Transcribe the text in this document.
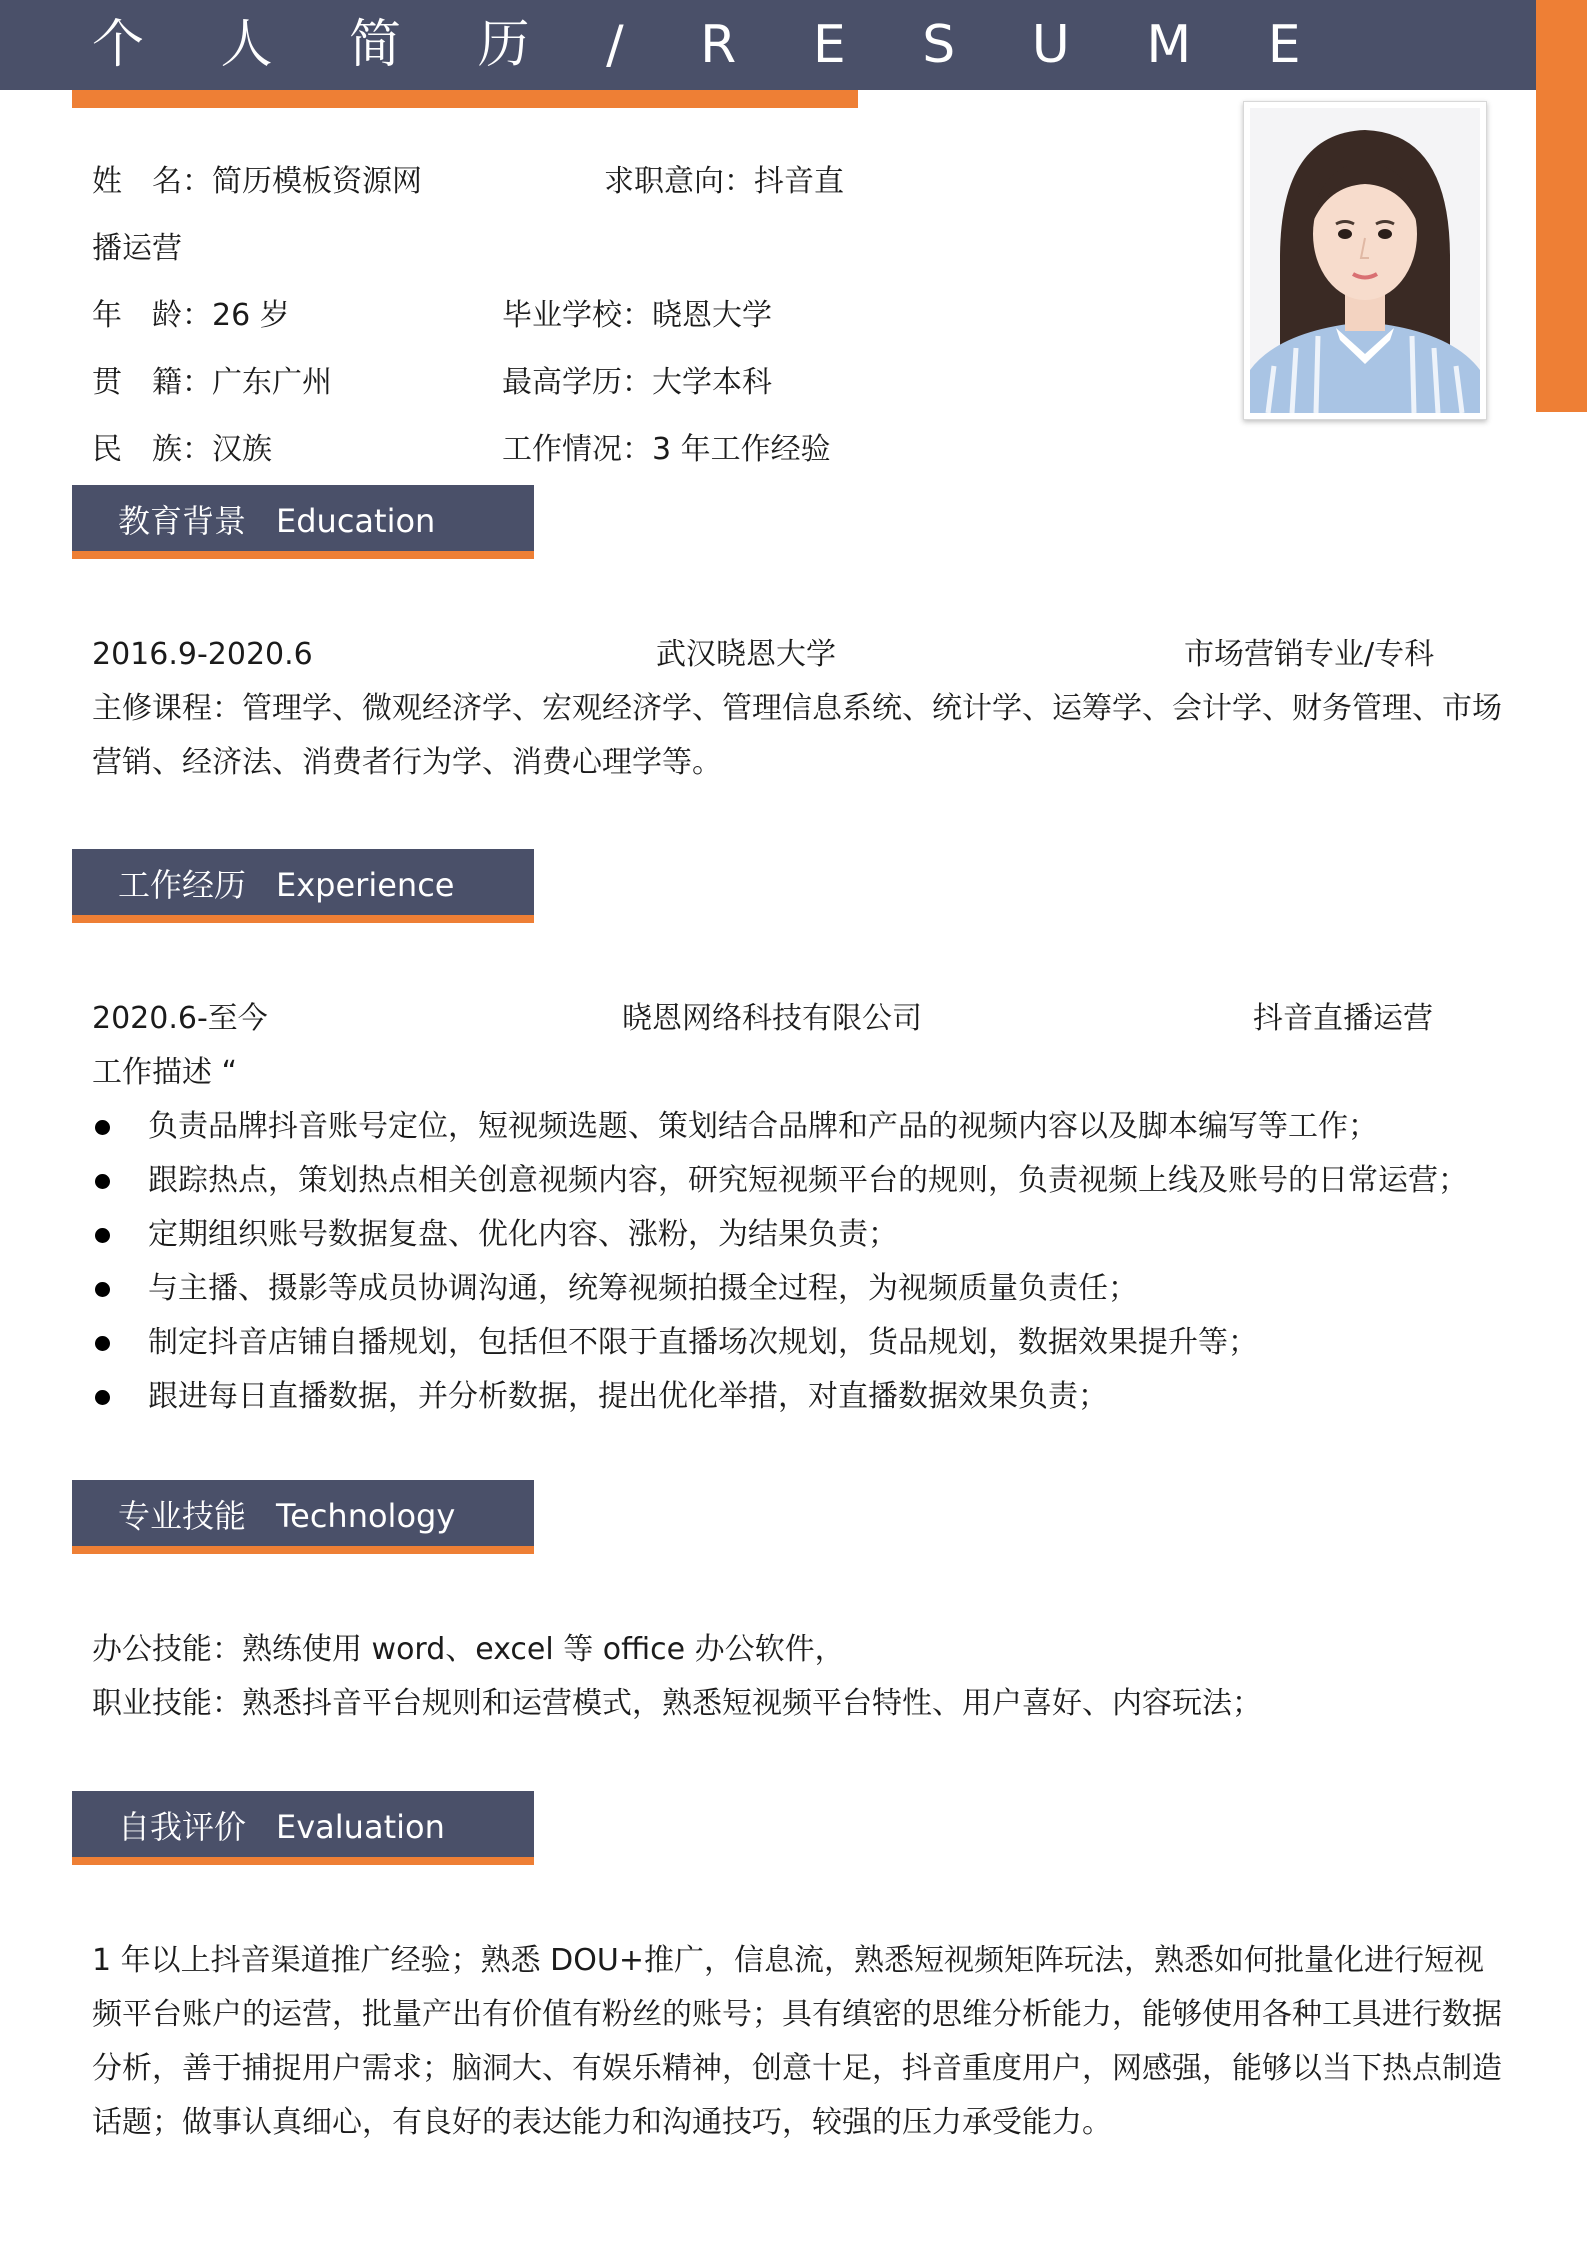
个 人 简 历 / R E S U M E
姓　名：简历模板资源网	求职意向：抖音直
播运营
年　龄：26 岁	毕业学校：晓恩大学
贯　籍：广东广州	最高学历：大学本科
民　族：汉族	工作情况：3 年工作经验
教育背景 Education
2016.9-2020.6	武汉晓恩大学	市场营销专业/专科
主修课程：管理学、微观经济学、宏观经济学、管理信息系统、统计学、运筹学、会计学、财务管理、市场
营销、经济法、消费者行为学、消费心理学等。
工作经历 Experience
2020.6-至今	晓恩网络科技有限公司	抖音直播运营
工作描述 “
负责品牌抖音账号定位，短视频选题、策划结合品牌和产品的视频内容以及脚本编写等工作；
跟踪热点，策划热点相关创意视频内容，研究短视频平台的规则，负责视频上线及账号的日常运营；
定期组织账号数据复盘、优化内容、涨粉，为结果负责；
与主播、摄影等成员协调沟通，统筹视频拍摄全过程，为视频质量负责任；
制定抖音店铺自播规划，包括但不限于直播场次规划，货品规划，数据效果提升等；
跟进每日直播数据，并分析数据，提出优化举措，对直播数据效果负责；
专业技能 Technology
办公技能：熟练使用 word、excel 等 office 办公软件，
职业技能：熟悉抖音平台规则和运营模式，熟悉短视频平台特性、用户喜好、内容玩法；
自我评价 Evaluation
1 年以上抖音渠道推广经验；熟悉 DOU+推广，信息流，熟悉短视频矩阵玩法，熟悉如何批量化进行短视
频平台账户的运营，批量产出有价值有粉丝的账号；具有缜密的思维分析能力，能够使用各种工具进行数据
分析，善于捕捉用户需求；脑洞大、有娱乐精神，创意十足，抖音重度用户，网感强，能够以当下热点制造
话题；做事认真细心，有良好的表达能力和沟通技巧，较强的压力承受能力。
